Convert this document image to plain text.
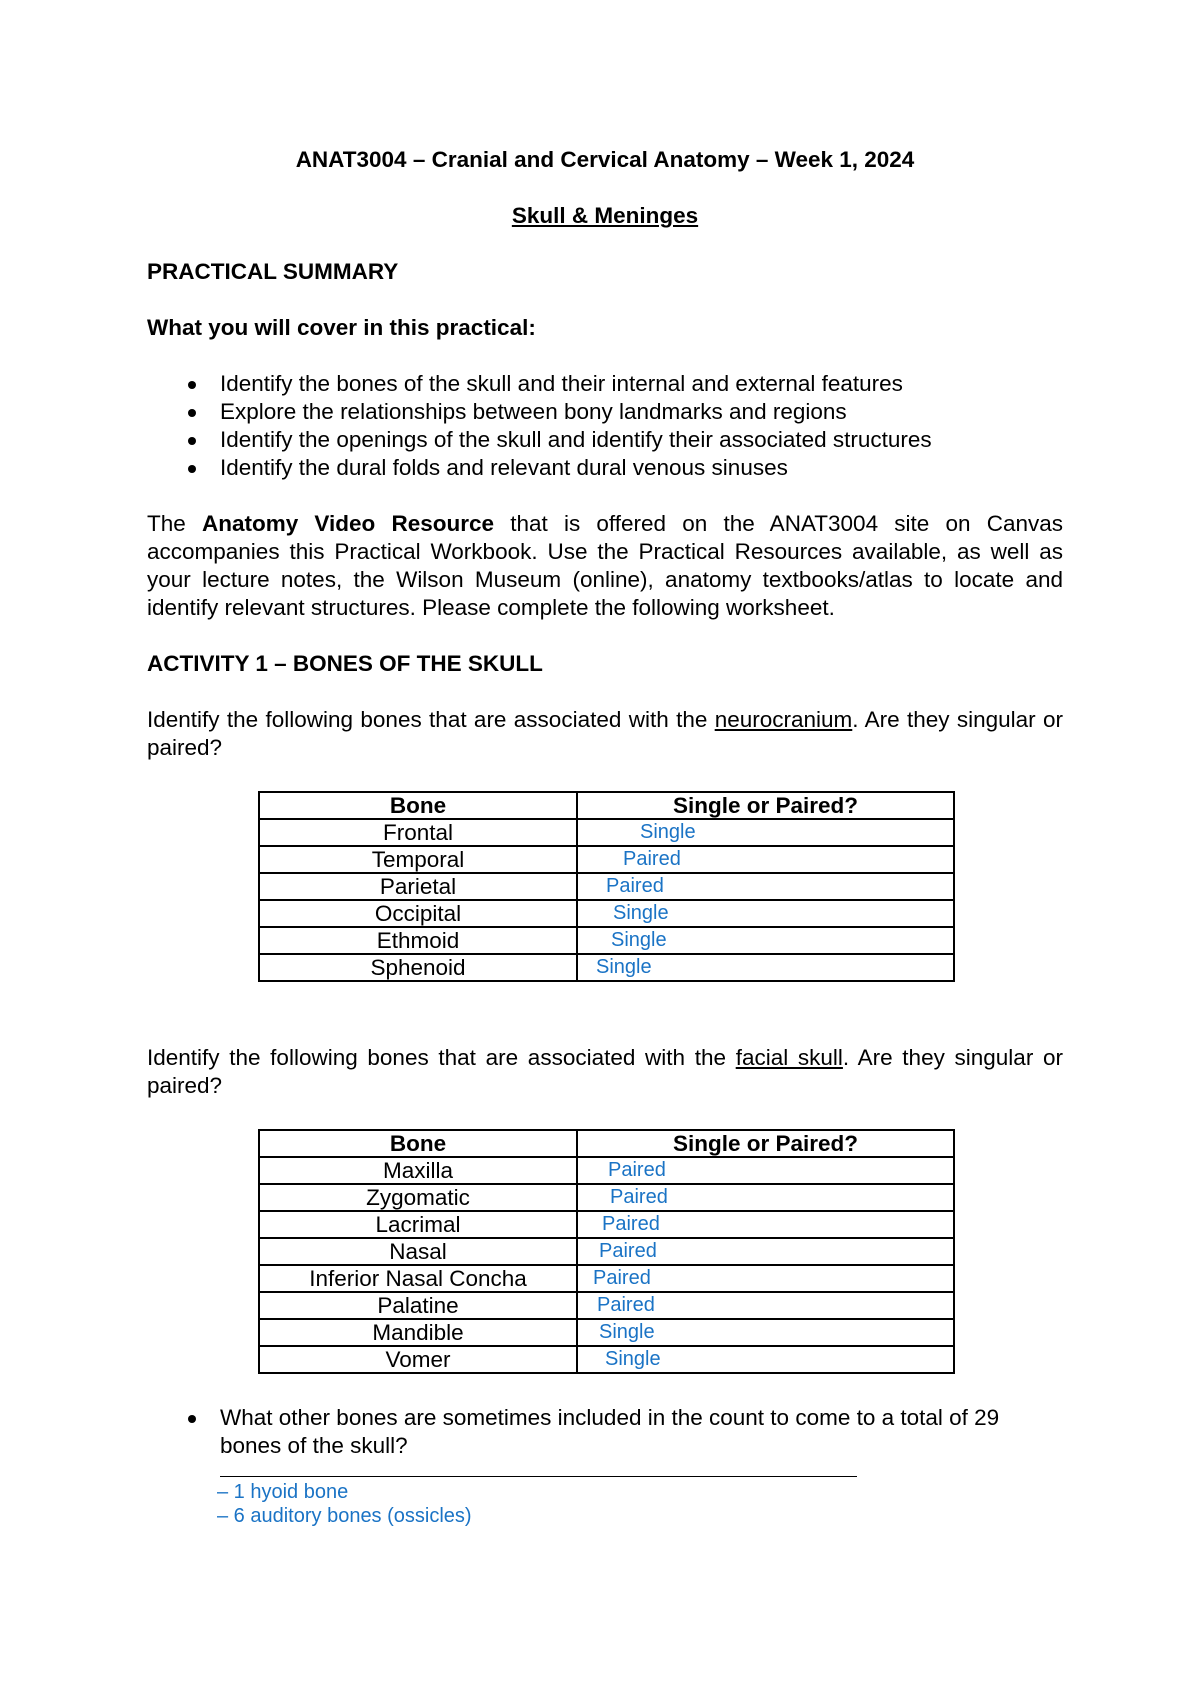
ANAT3004 – Cranial and Cervical Anatomy – Week 1, 2024

Skull & Meninges

PRACTICAL SUMMARY

What you will cover in this practical:

Identify the bones of the skull and their internal and external features
Explore the relationships between bony landmarks and regions
Identify the openings of the skull and identify their associated structures
Identify the dural folds and relevant dural venous sinuses

The Anatomy Video Resource that is offered on the ANAT3004 site on Canvas accompanies this Practical Workbook. Use the Practical Resources available, as well as your lecture notes, the Wilson Museum (online), anatomy textbooks/atlas to locate and identify relevant structures. Please complete the following worksheet.

ACTIVITY 1 – BONES OF THE SKULL

Identify the following bones that are associated with the neurocranium. Are they singular or paired?

Bone	Single or Paired?
Frontal	Single
Temporal	Paired
Parietal	Paired
Occipital	Single
Ethmoid	Single
Sphenoid	Single

Identify the following bones that are associated with the facial skull. Are they singular or paired?

Bone	Single or Paired?
Maxilla	Paired
Zygomatic	Paired
Lacrimal	Paired
Nasal	Paired
Inferior Nasal Concha	Paired
Palatine	Paired
Mandible	Single
Vomer	Single
What other bones are sometimes included in the count to come to a total of 29 bones of the skull?
– 1 hyoid bone
– 6 auditory bones (ossicles)
